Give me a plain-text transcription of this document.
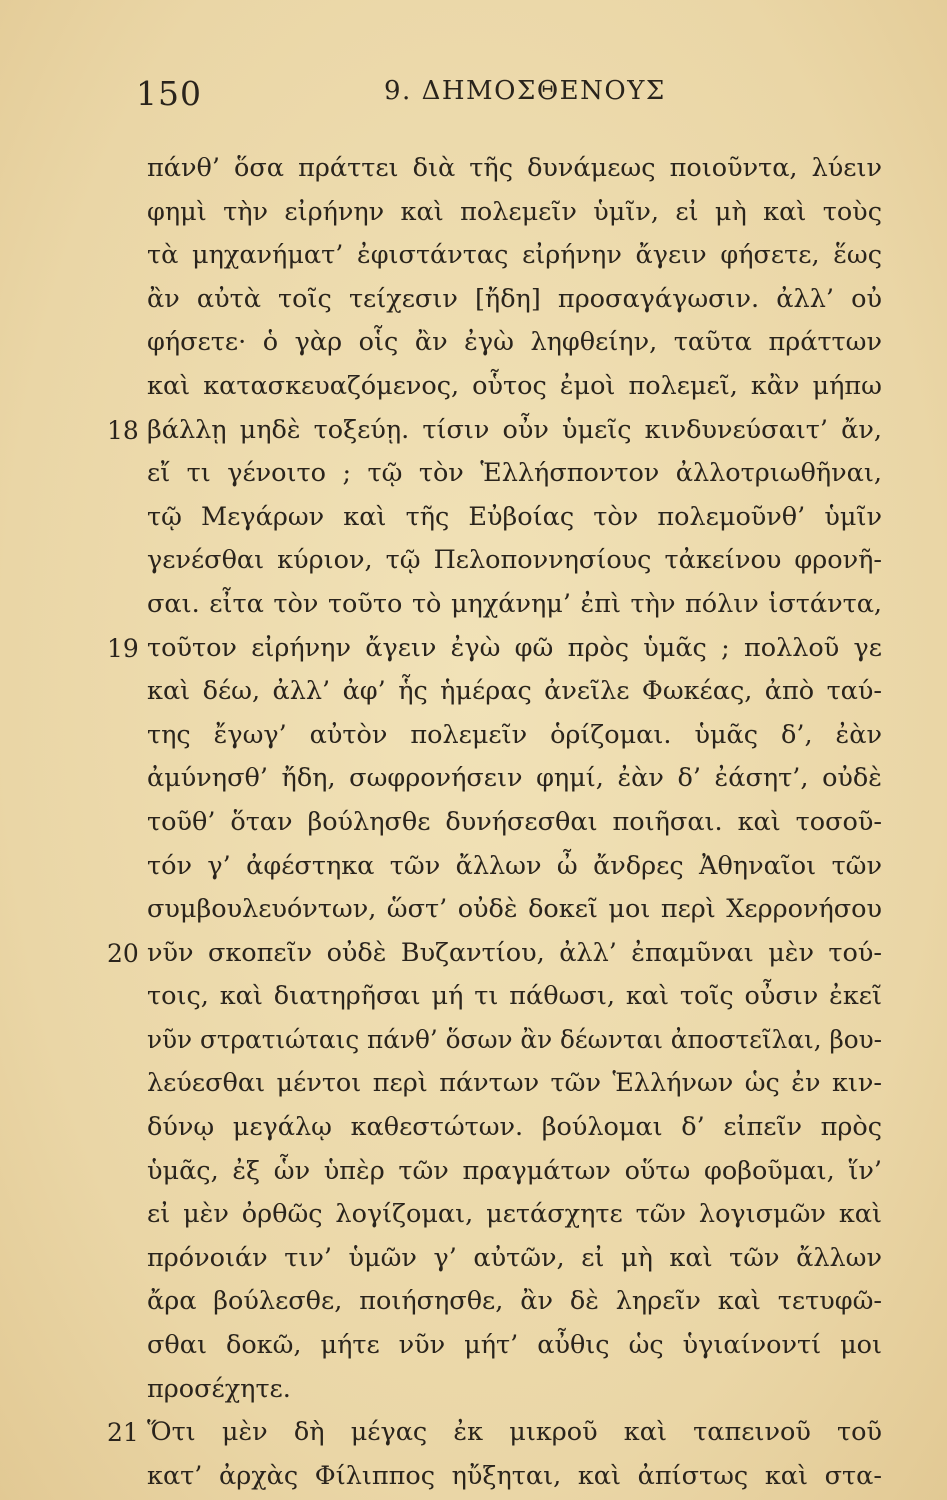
150	9. ΔΗΜΟΣΘΕΝΟΥΣ
πάνθ’ ὅσα πράττει διὰ τῆς δυνάμεως ποιοῦντα, λύειν
φημὶ τὴν εἰρήνην καὶ πολεμεῖν ὑμῖν, εἰ μὴ καὶ τοὺς
τὰ μηχανήματ’ ἐφιστάντας εἰρήνην ἄγειν φήσετε, ἕως
ἂν αὐτὰ τοῖς τείχεσιν [ἤδη] προσαγάγωσιν. ἀλλ’ οὐ
φήσετε· ὁ γὰρ οἷς ἂν ἐγὼ ληφθείην, ταῦτα πράττων
καὶ κατασκευαζόμενος, οὗτος ἐμοὶ πολεμεῖ, κἂν μήπω
18 βάλλῃ μηδὲ τοξεύῃ. τίσιν οὖν ὑμεῖς κινδυνεύσαιτ’ ἄν,
εἴ τι γένοιτο ; τῷ τὸν Ἑλλήσποντον ἀλλοτριωθῆναι,
τῷ Μεγάρων καὶ τῆς Εὐβοίας τὸν πολεμοῦνθ’ ὑμῖν
γενέσθαι κύριον, τῷ Πελοποννησίους τἀκείνου φρονῆ-
σαι. εἶτα τὸν τοῦτο τὸ μηχάνημ’ ἐπὶ τὴν πόλιν ἱστάντα,
19 τοῦτον εἰρήνην ἄγειν ἐγὼ φῶ πρὸς ὑμᾶς ; πολλοῦ γε
καὶ δέω, ἀλλ’ ἀφ’ ἧς ἡμέρας ἀνεῖλε Φωκέας, ἀπὸ ταύ-
της ἔγωγ’ αὐτὸν πολεμεῖν ὁρίζομαι. ὑμᾶς δ’, ἐὰν
ἀμύνησθ’ ἤδη, σωφρονήσειν φημί, ἐὰν δ’ ἐάσητ’, οὐδὲ
τοῦθ’ ὅταν βούλησθε δυνήσεσθαι ποιῆσαι. καὶ τοσοῦ-
τόν γ’ ἀφέστηκα τῶν ἄλλων ὦ ἄνδρες Ἀθηναῖοι τῶν
συμβουλευόντων, ὥστ’ οὐδὲ δοκεῖ μοι περὶ Χερρονήσου
20 νῦν σκοπεῖν οὐδὲ Βυζαντίου, ἀλλ’ ἐπαμῦναι μὲν τού-
τοις, καὶ διατηρῆσαι μή τι πάθωσι, καὶ τοῖς οὖσιν ἐκεῖ
νῦν στρατιώταις πάνθ’ ὅσων ἂν δέωνται ἀποστεῖλαι, βου-
λεύεσθαι μέντοι περὶ πάντων τῶν Ἑλλήνων ὡς ἐν κιν-
δύνῳ μεγάλῳ καθεστώτων. βούλομαι δ’ εἰπεῖν πρὸς
ὑμᾶς, ἐξ ὧν ὑπὲρ τῶν πραγμάτων οὕτω φοβοῦμαι, ἵν’
εἰ μὲν ὀρθῶς λογίζομαι, μετάσχητε τῶν λογισμῶν καὶ
πρόνοιάν τιν’ ὑμῶν γ’ αὐτῶν, εἰ μὴ καὶ τῶν ἄλλων
ἄρα βούλεσθε, ποιήσησθε, ἂν δὲ ληρεῖν καὶ τετυφῶ-
σθαι δοκῶ, μήτε νῦν μήτ’ αὖθις ὡς ὑγιαίνοντί μοι
προσέχητε.
21 Ὅτι μὲν δὴ μέγας ἐκ μικροῦ καὶ ταπεινοῦ τοῦ
κατ’ ἀρχὰς Φίλιππος ηὔξηται, καὶ ἀπίστως καὶ στα-
